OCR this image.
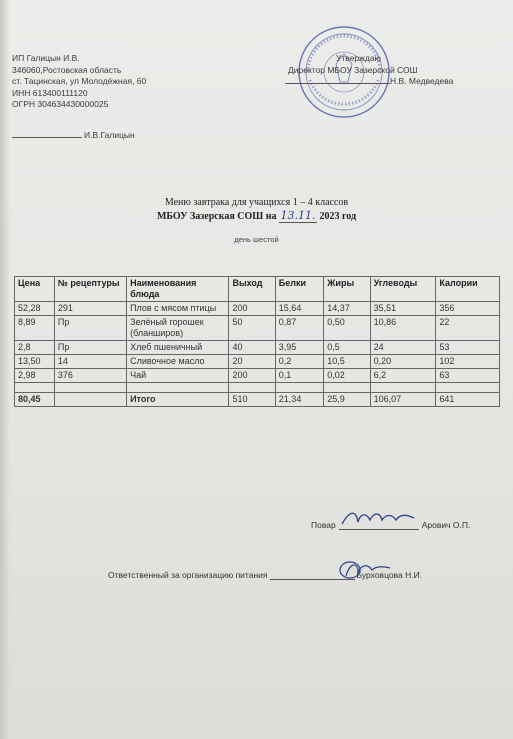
ИП Галицын И.В.
346060,Ростовская область
ст. Тацинская, ул Молодёжная, 60
ИНН 613400111120
ОГРН 304634430000025
И.В.Галицын
Утверждаю
Директор МБОУ Зазерской СОШ
Н.В. Медведева
Меню завтрака для учащихся 1 – 4 классов
МБОУ Зазерская СОШ на 13.11. 2023 год
день шестой
Цена	№ рецептуры	Наименования блюда	Выход	Белки	Жиры	Углеводы	Калории
52,28	291	Плов с мясом птицы	200	15,64	14,37	35,51	356
8,89	Пр	Зелёный горошек (бланширов)	50	0,87	0,50	10,86	22
2,8	Пр	Хлеб пшеничный	40	3,95	0,5	24	53
13,50	14	Сливочное масло	20	0,2	10,5	0,20	102
2,98	376	Чай	200	0,1	0,02	6,2	63

80,45		Итого	510	21,34	25,9	106,07	641
Повар	Арович О.П.
Ответственный за организацию питания	Бурховцова Н.И.
